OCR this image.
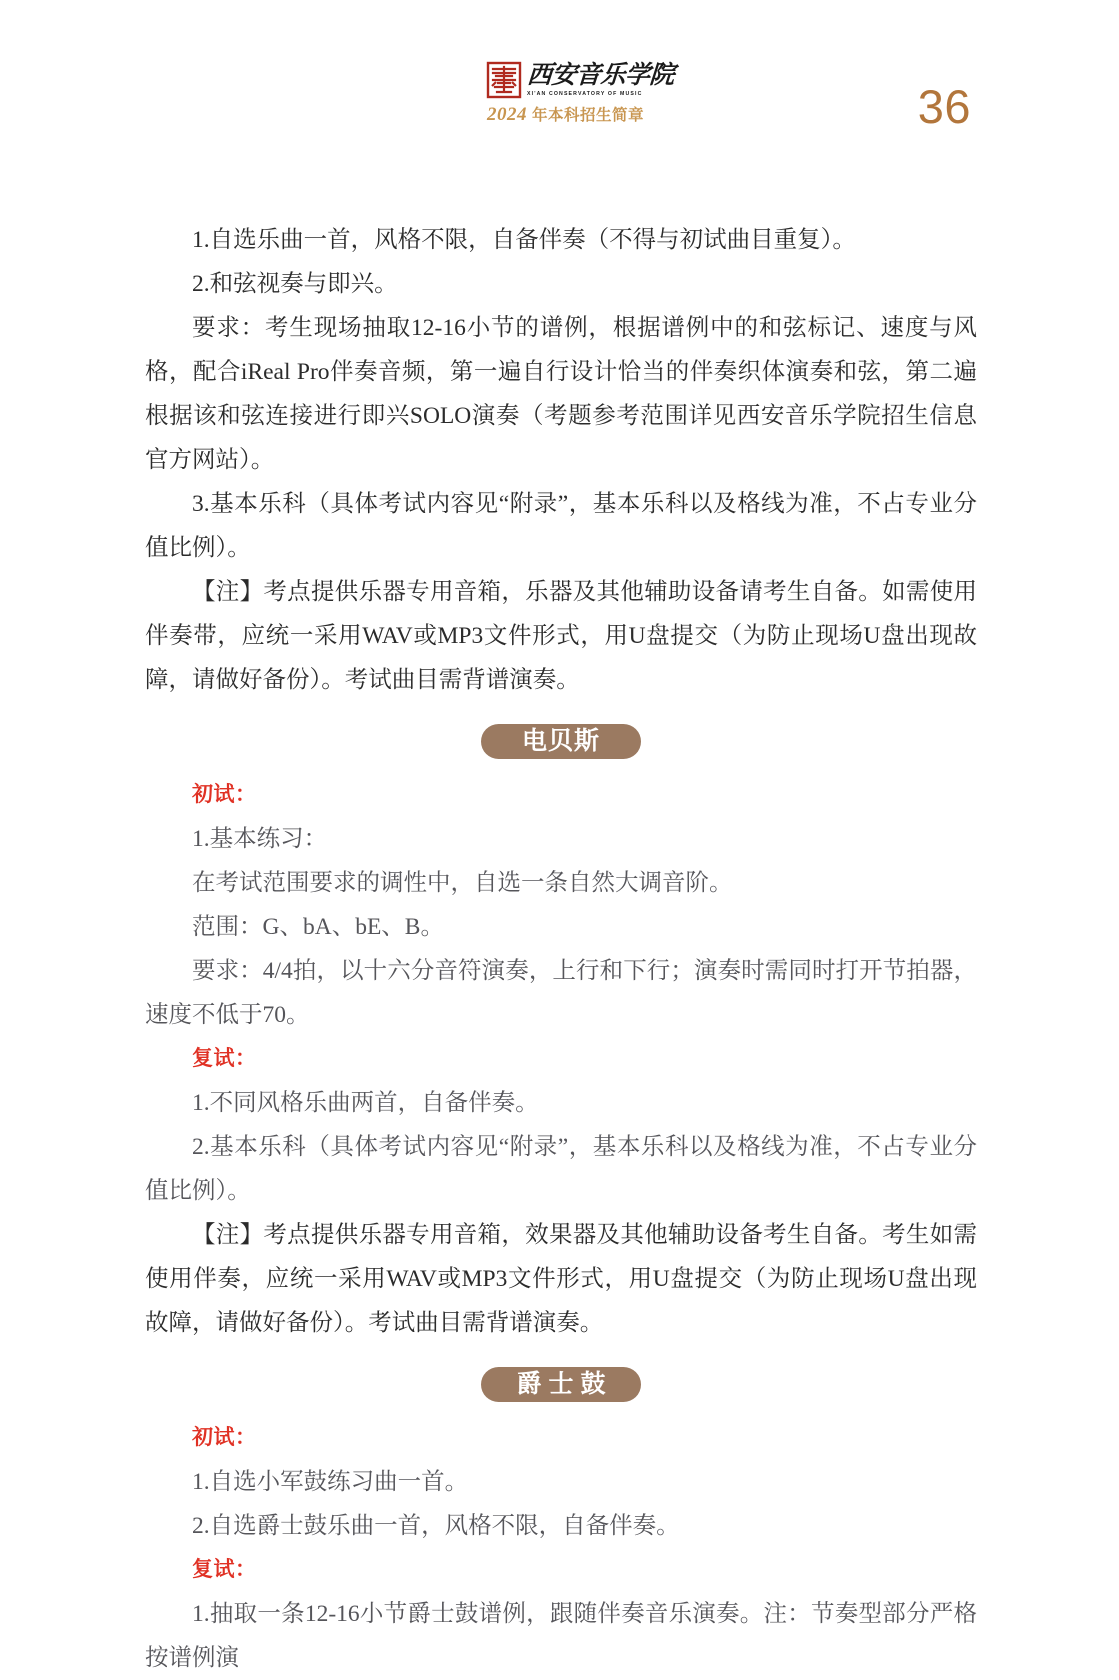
西安音乐学院
XI'AN CONSERVATORY OF MUSIC
2024 年本科招生简章	36

1.自选乐曲一首，风格不限，自备伴奏（不得与初试曲目重复）。

2.和弦视奏与即兴。

要求：考生现场抽取12-16小节的谱例，根据谱例中的和弦标记、速度与风格，配合iReal Pro伴奏音频，第一遍自行设计恰当的伴奏织体演奏和弦，第二遍根据该和弦连接进行即兴SOLO演奏（考题参考范围详见西安音乐学院招生信息官方网站）。

3.基本乐科（具体考试内容见“附录”，基本乐科以及格线为准，不占专业分值比例）。

【注】考点提供乐器专用音箱，乐器及其他辅助设备请考生自备。如需使用伴奏带，应统一采用WAV或MP3文件形式，用U盘提交（为防止现场U盘出现故障，请做好备份）。考试曲目需背谱演奏。

电贝斯

初试：

1.基本练习：

在考试范围要求的调性中，自选一条自然大调音阶。

范围：G、bA、bE、B。

要求：4/4拍，以十六分音符演奏，上行和下行；演奏时需同时打开节拍器，速度不低于70。

复试：

1.不同风格乐曲两首，自备伴奏。

2.基本乐科（具体考试内容见“附录”，基本乐科以及格线为准，不占专业分值比例）。

【注】考点提供乐器专用音箱，效果器及其他辅助设备考生自备。考生如需使用伴奏，应统一采用WAV或MP3文件形式，用U盘提交（为防止现场U盘出现故障，请做好备份）。考试曲目需背谱演奏。

爵士鼓

初试：

1.自选小军鼓练习曲一首。

2.自选爵士鼓乐曲一首，风格不限，自备伴奏。

复试：

1.抽取一条12-16小节爵士鼓谱例，跟随伴奏音乐演奏。注：节奏型部分严格按谱例演
